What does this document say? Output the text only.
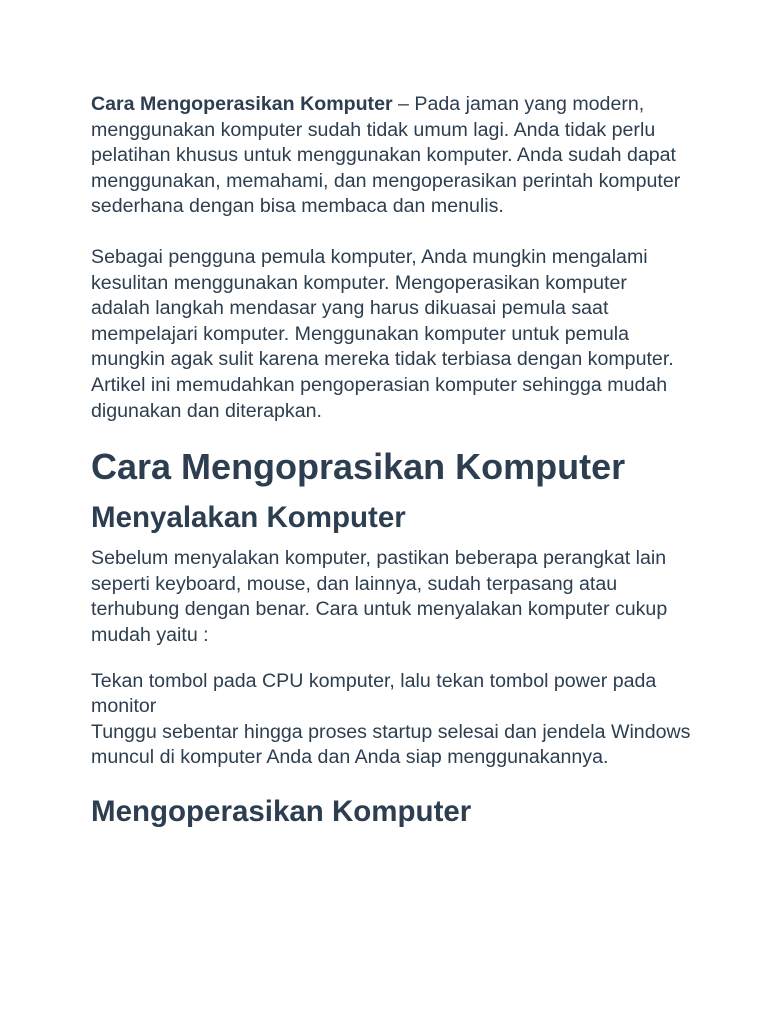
Cara Mengoperasikan Komputer – Pada jaman yang modern, menggunakan komputer sudah tidak umum lagi. Anda tidak perlu pelatihan khusus untuk menggunakan komputer. Anda sudah dapat menggunakan, memahami, dan mengoperasikan perintah komputer sederhana dengan bisa membaca dan menulis.

Sebagai pengguna pemula komputer, Anda mungkin mengalami kesulitan menggunakan komputer. Mengoperasikan komputer adalah langkah mendasar yang harus dikuasai pemula saat mempelajari komputer. Menggunakan komputer untuk pemula mungkin agak sulit karena mereka tidak terbiasa dengan komputer. Artikel ini memudahkan pengoperasian komputer sehingga mudah digunakan dan diterapkan.

Cara Mengoprasikan Komputer
Menyalakan Komputer

Sebelum menyalakan komputer, pastikan beberapa perangkat lain seperti keyboard, mouse, dan lainnya, sudah terpasang atau terhubung dengan benar. Cara untuk menyalakan komputer cukup mudah yaitu :

Tekan tombol pada CPU komputer, lalu tekan tombol power pada monitor
Tunggu sebentar hingga proses startup selesai dan jendela Windows muncul di komputer Anda dan Anda siap menggunakannya.

Mengoperasikan Komputer
